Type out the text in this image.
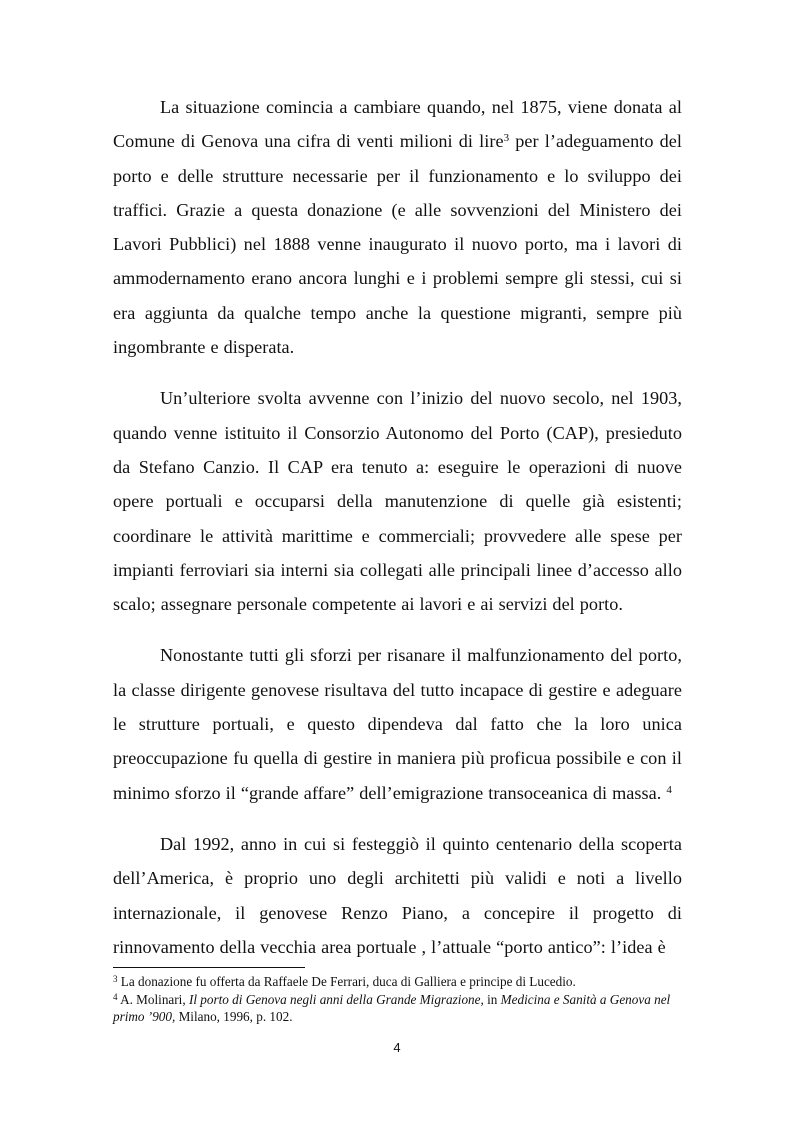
La situazione comincia a cambiare quando, nel 1875, viene donata al Comune di Genova una cifra di venti milioni di lire$^3$ per l’adeguamento del porto e delle strutture necessarie per il funzionamento e lo sviluppo dei traffici. Grazie a questa donazione (e alle sovvenzioni del Ministero dei Lavori Pubblici) nel 1888 venne inaugurato il nuovo porto, ma i lavori di ammodernamento erano ancora lunghi e i problemi sempre gli stessi, cui si era aggiunta da qualche tempo anche la questione migranti, sempre più ingombrante e disperata.

Un’ulteriore svolta avvenne con l’inizio del nuovo secolo, nel 1903, quando venne istituito il Consorzio Autonomo del Porto (CAP), presieduto da Stefano Canzio. Il CAP era tenuto a: eseguire le operazioni di nuove opere portuali e occuparsi della manutenzione di quelle già esistenti; coordinare le attività marittime e commerciali; provvedere alle spese per impianti ferroviari sia interni sia collegati alle principali linee d’accesso allo scalo; assegnare personale competente ai lavori e ai servizi del porto.

Nonostante tutti gli sforzi per risanare il malfunzionamento del porto, la classe dirigente genovese risultava del tutto incapace di gestire e adeguare le strutture portuali, e questo dipendeva dal fatto che la loro unica preoccupazione fu quella di gestire in maniera più proficua possibile e con il minimo sforzo il “grande affare” dell’emigrazione transoceanica di massa. $^4$

Dal 1992, anno in cui si festeggiò il quinto centenario della scoperta dell’America, è proprio uno degli architetti più validi e noti a livello internazionale, il genovese Renzo Piano, a concepire il progetto di rinnovamento della vecchia area portuale , l’attuale “porto antico”: l’idea è

$^3$ La donazione fu offerta da Raffaele De Ferrari, duca di Galliera e principe di Lucedio.

$^4$ A. Molinari, Il porto di Genova negli anni della Grande Migrazione, in Medicina e Sanità a Genova nel primo ’900, Milano, 1996, p. 102.

4
